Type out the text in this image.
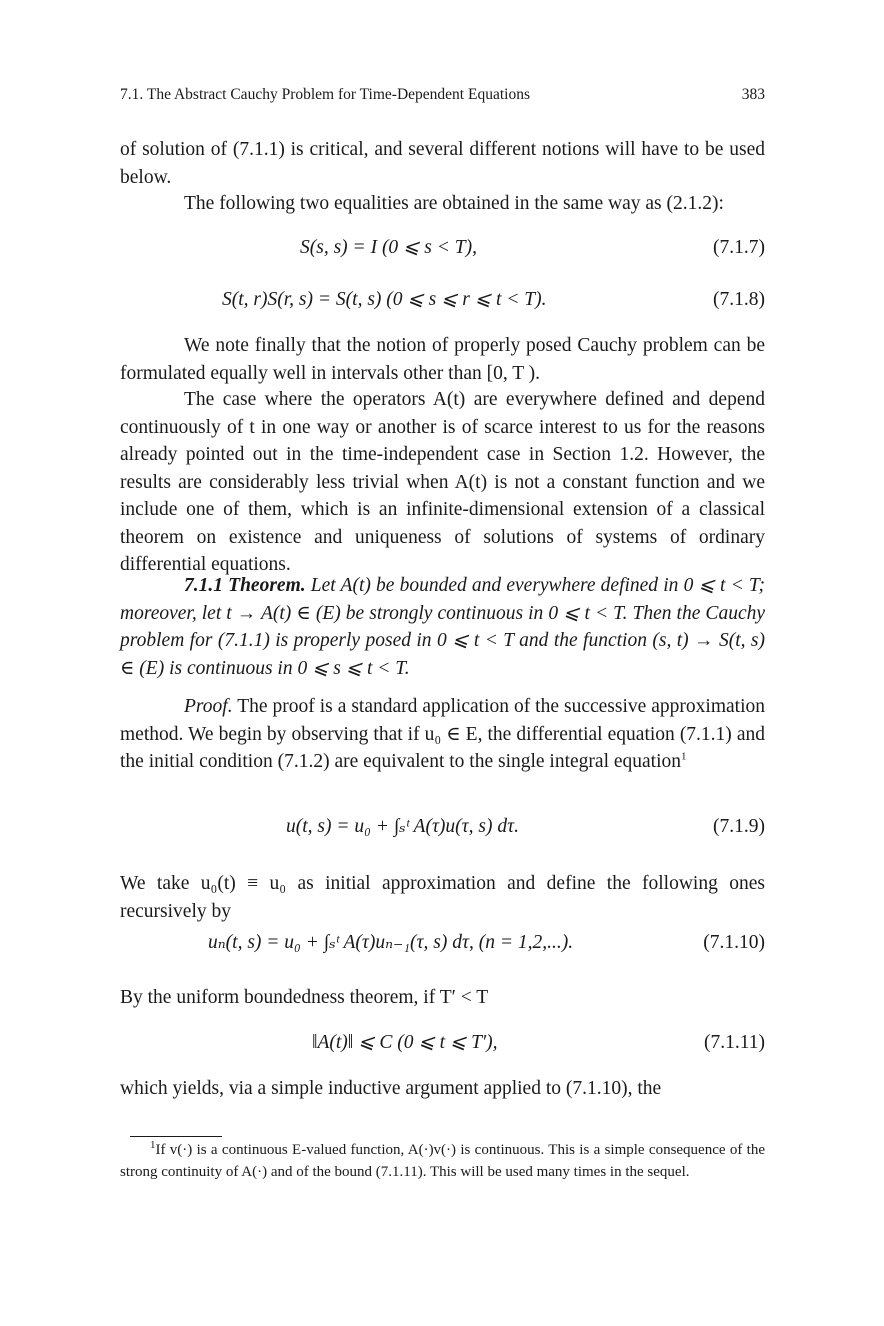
7.1. The Abstract Cauchy Problem for Time-Dependent Equations	383

of solution of (7.1.1) is critical, and several different notions will have to be used below.

The following two equalities are obtained in the same way as (2.1.2):

S(s, s) = I (0 ⩽ s < T),	(7.1.7)
S(t, r)S(r, s) = S(t, s) (0 ⩽ s ⩽ r ⩽ t < T).	(7.1.8)

We note finally that the notion of properly posed Cauchy problem can be formulated equally well in intervals other than [0, T ).

The case where the operators A(t) are everywhere defined and depend continuously of t in one way or another is of scarce interest to us for the reasons already pointed out in the time-independent case in Section 1.2. However, the results are considerably less trivial when A(t) is not a constant function and we include one of them, which is an infinite-dimensional extension of a classical theorem on existence and uniqueness of solutions of systems of ordinary differential equations.

7.1.1 Theorem. Let A(t) be bounded and everywhere defined in 0 ⩽ t < T; moreover, let t → A(t) ∈ (E) be strongly continuous in 0 ⩽ t < T. Then the Cauchy problem for (7.1.1) is properly posed in 0 ⩽ t < T and the function (s, t) → S(t, s) ∈ (E) is continuous in 0 ⩽ s ⩽ t < T.
Proof. The proof is a standard application of the successive approximation method. We begin by observing that if u₀ ∈ E, the differential equation (7.1.1) and the initial condition (7.1.2) are equivalent to the single integral equation$^1$
u(t, s) = u₀ + ∫ₛᵗ A(τ)u(τ, s) dτ.	(7.1.9)

We take u₀(t) ≡ u₀ as initial approximation and define the following ones recursively by

uₙ(t, s) = u₀ + ∫ₛᵗ A(τ)uₙ₋₁(τ, s) dτ, (n = 1,2,...).	(7.1.10)

By the uniform boundedness theorem, if T′ < T

‖A(t)‖ ⩽ C (0 ⩽ t ⩽ T′),	(7.1.11)

which yields, via a simple inductive argument applied to (7.1.10), the

$^1$If v(·) is a continuous E-valued function, A(·)v(·) is continuous. This is a simple consequence of the strong continuity of A(·) and of the bound (7.1.11). This will be used many times in the sequel.
